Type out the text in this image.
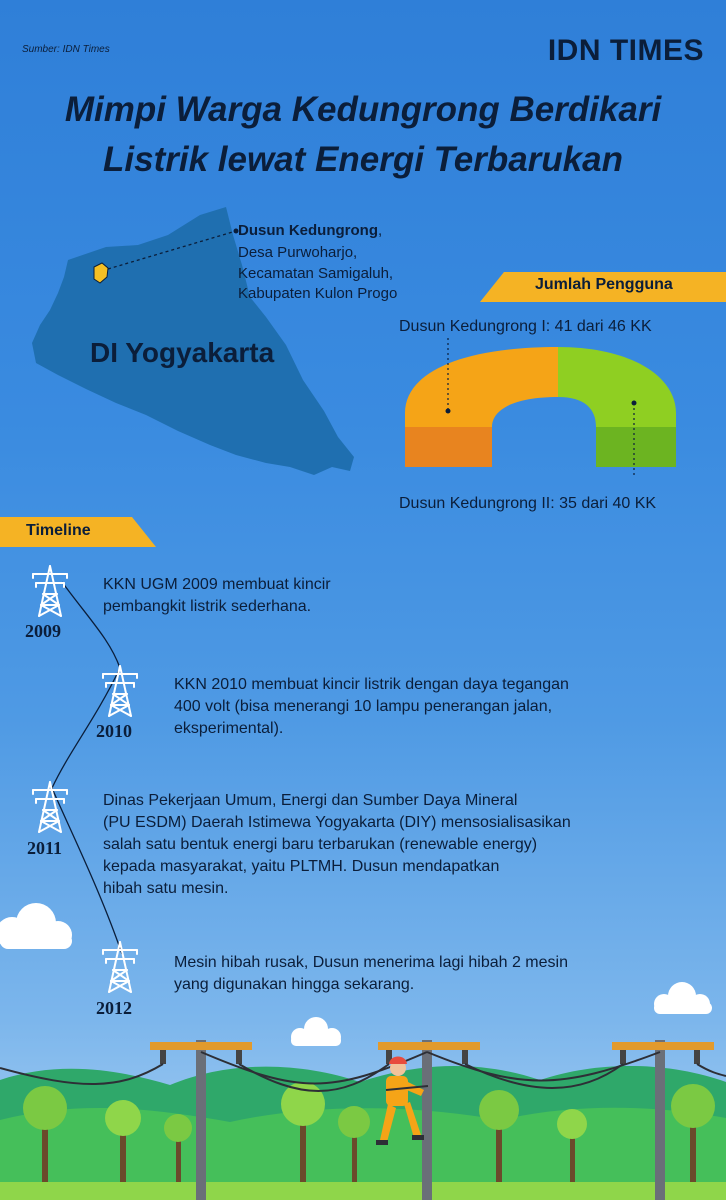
Sumber: IDN Times	IDN TIMES
Mimpi Warga Kedungrong Berdikari
Listrik lewat Energi Terbarukan
DI Yogyakarta
Dusun Kedungrong,
Desa Purwoharjo,
Kecamatan Samigaluh,
Kabupaten Kulon Progo
Jumlah Pengguna
Dusun Kedungrong I: 41 dari 46 KK
Dusun Kedungrong II: 35 dari 40 KK
Timeline
2009
KKN UGM 2009 membuat kincir
pembangkit listrik sederhana.
2010
KKN 2010 membuat kincir listrik dengan daya tegangan
400 volt (bisa menerangi 10 lampu penerangan jalan,
eksperimental).
2011
Dinas Pekerjaan Umum, Energi dan Sumber Daya Mineral
(PU ESDM) Daerah Istimewa Yogyakarta (DIY) mensosialisasikan
salah satu bentuk energi baru terbarukan (renewable energy)
kepada masyarakat, yaitu PLTMH. Dusun mendapatkan
hibah satu mesin.
2012
Mesin hibah rusak, Dusun menerima lagi hibah 2 mesin
yang digunakan hingga sekarang.
